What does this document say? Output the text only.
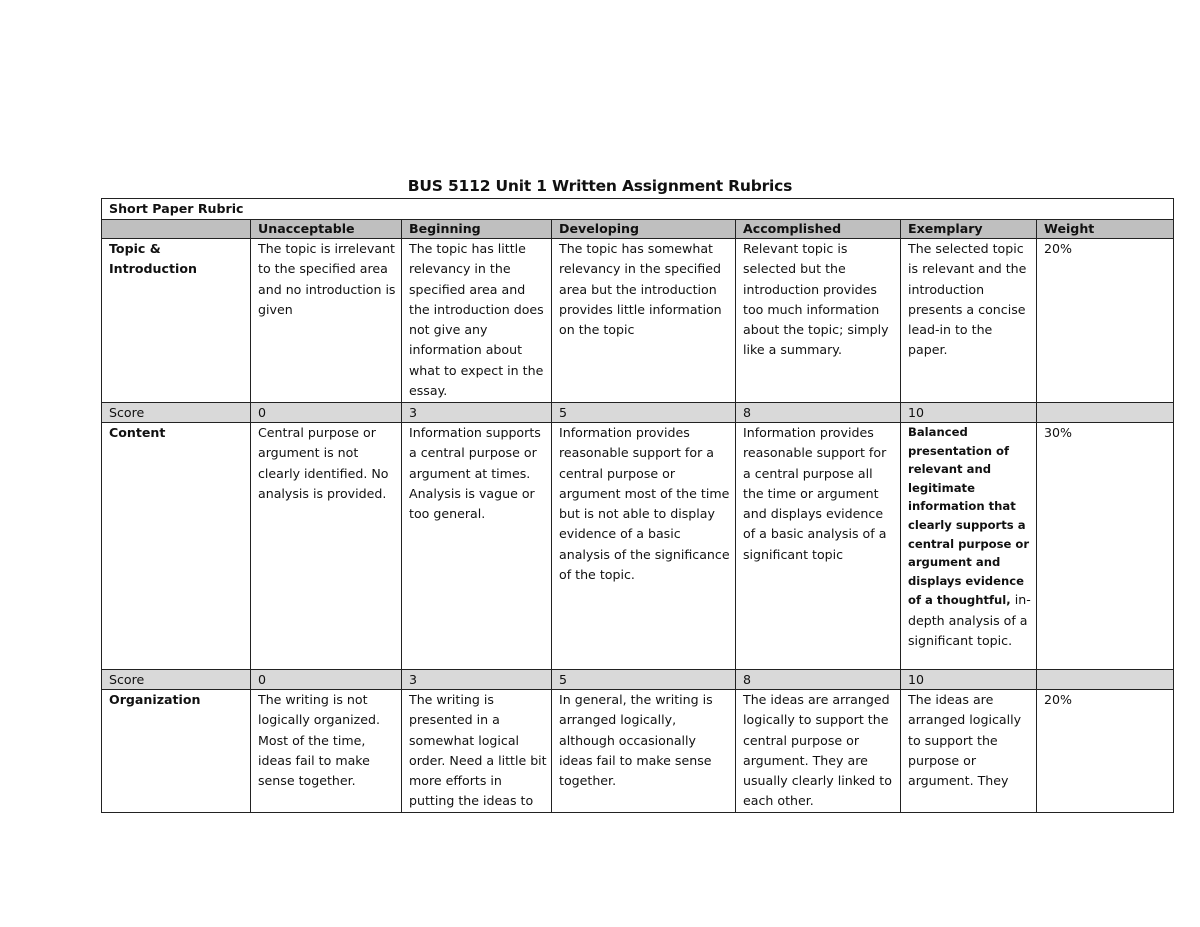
BUS 5112 Unit 1 Written Assignment Rubrics
Short Paper Rubric						
	Unacceptable	Beginning	Developing	Accomplished	Exemplary	Weight
Topic & Introduction	The topic is irrelevant to the specified area and no introduction is given	The topic has little relevancy in the specified area and the introduction does not give any information about what to expect in the essay.	The topic has somewhat relevancy in the specified area but the introduction provides little information on the topic	Relevant topic is selected but the introduction provides too much information about the topic; simply like a summary.	The selected topic is relevant and the introduction presents a concise lead-in to the paper.	20%
Score	0	3	5	8	10	
Content	Central purpose or argument is not clearly identified. No analysis is provided.	Information supports a central purpose or argument at times. Analysis is vague or too general.	Information provides reasonable support for a central purpose or argument most of the time but is not able to display evidence of a basic analysis of the significance of the topic.	Information provides reasonable support for a central purpose all the time or argument and displays evidence of a basic analysis of a significant topic	Balanced presentation of relevant and legitimate information that clearly supports a central purpose or argument and displays evidence of a thoughtful, in-depth analysis of a significant topic.	30%
Score	0	3	5	8	10	
Organization	The writing is not logically organized. Most of the time, ideas fail to make sense together.	The writing is presented in a somewhat logical order. Need a little bit more efforts in putting the ideas to	In general, the writing is arranged logically, although occasionally ideas fail to make sense together.	The ideas are arranged logically to support the central purpose or argument. They are usually clearly linked to each other.	The ideas are arranged logically to support the purpose or argument. They	20%
